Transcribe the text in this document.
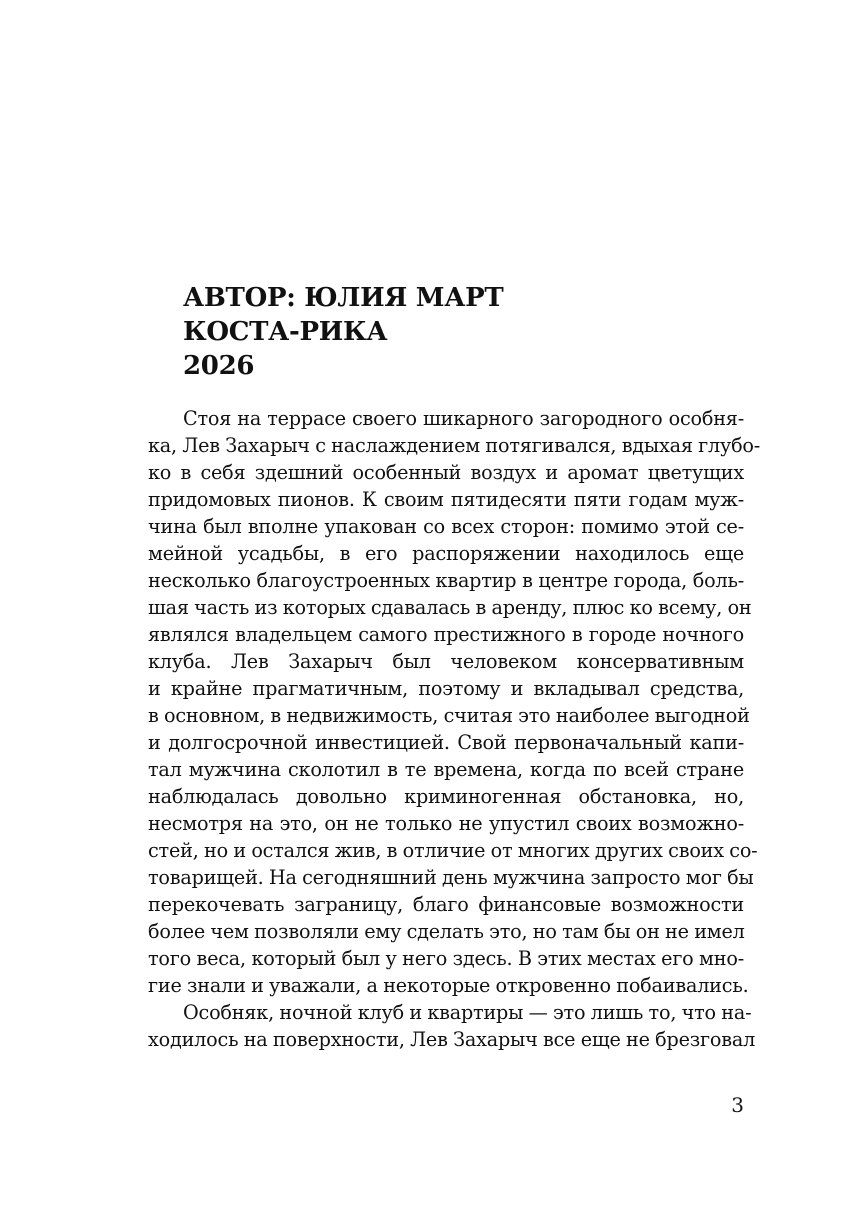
АВТОР: ЮЛИЯ МАРТ
КОСТА-РИКА
2026
Стоя на террасе своего шикарного загородного особня-
ка, Лев Захарыч с наслаждением потягивался, вдыхая глубо-
ко в себя здешний особенный воздух и аромат цветущих
придомовых пионов. К своим пятидесяти пяти годам муж-
чина был вполне упакован со всех сторон: помимо этой се-
мейной усадьбы, в его распоряжении находилось еще
несколько благоустроенных квартир в центре города, боль-
шая часть из которых сдавалась в аренду, плюс ко всему, он
являлся владельцем самого престижного в городе ночного
клуба. Лев Захарыч был человеком консервативным
и крайне прагматичным, поэтому и вкладывал средства,
в основном, в недвижимость, считая это наиболее выгодной
и долгосрочной инвестицией. Свой первоначальный капи-
тал мужчина сколотил в те времена, когда по всей стране
наблюдалась довольно криминогенная обстановка, но,
несмотря на это, он не только не упустил своих возможно-
стей, но и остался жив, в отличие от многих других своих со-
товарищей. На сегодняшний день мужчина запросто мог бы
перекочевать заграницу, благо финансовые возможности
более чем позволяли ему сделать это, но там бы он не имел
того веса, который был у него здесь. В этих местах его мно-
гие знали и уважали, а некоторые откровенно побаивались.
Особняк, ночной клуб и квартиры — это лишь то, что на-
ходилось на поверхности, Лев Захарыч все еще не брезговал
3
